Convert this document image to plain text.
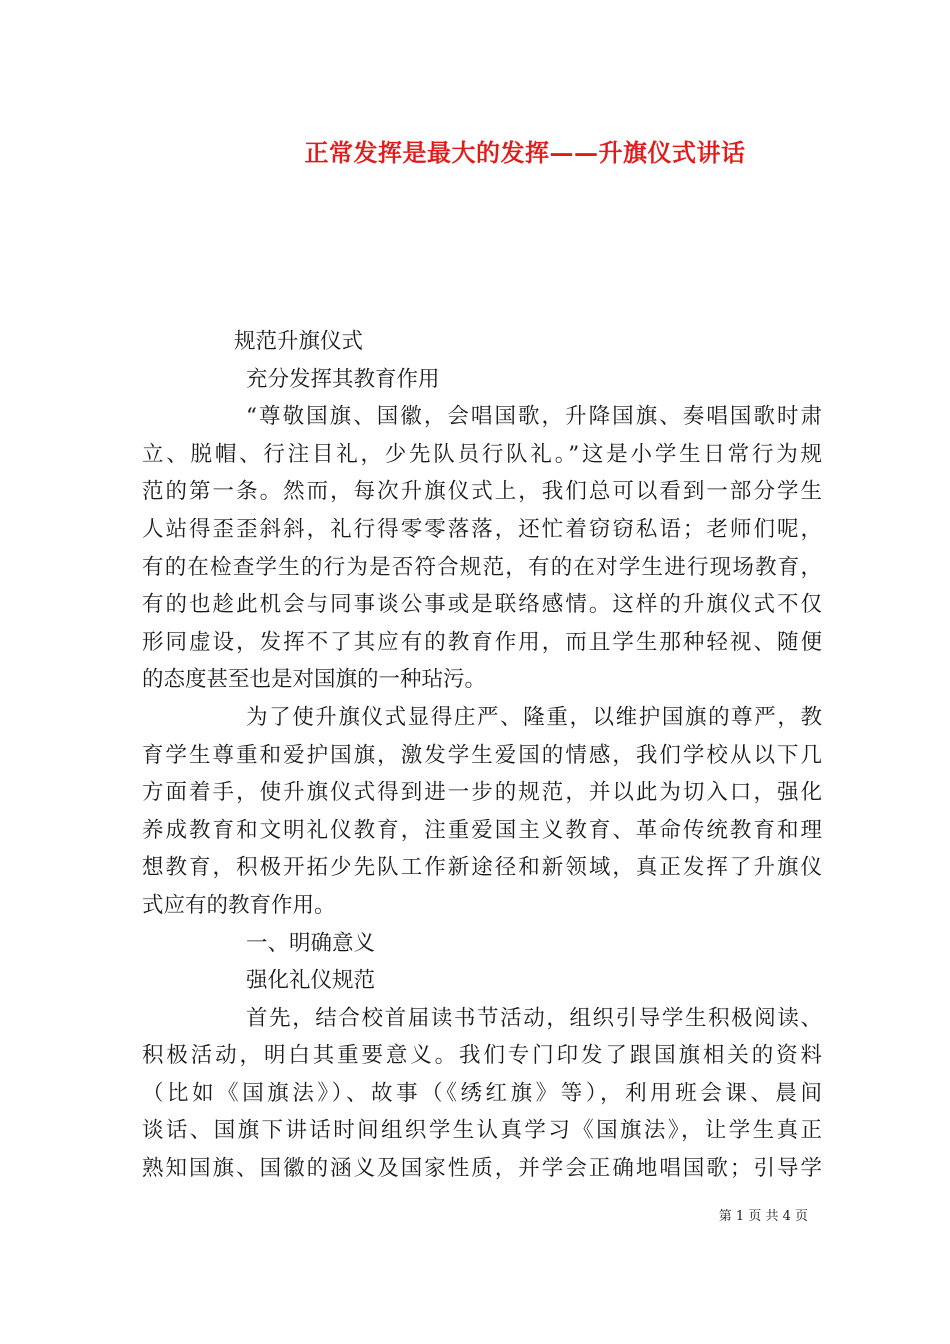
正常发挥是最大的发挥——升旗仪式讲话
规范升旗仪式
充分发挥其教育作用
“尊敬国旗、国徽，会唱国歌，升降国旗、奏唱国歌时肃
立、脱帽、行注目礼，少先队员行队礼。”这是小学生日常行为规
范的第一条。然而，每次升旗仪式上，我们总可以看到一部分学生
人站得歪歪斜斜，礼行得零零落落，还忙着窃窃私语；老师们呢，
有的在检查学生的行为是否符合规范，有的在对学生进行现场教育，
有的也趁此机会与同事谈公事或是联络感情。这样的升旗仪式不仅
形同虚设，发挥不了其应有的教育作用，而且学生那种轻视、随便
的态度甚至也是对国旗的一种玷污。
为了使升旗仪式显得庄严、隆重，以维护国旗的尊严，教
育学生尊重和爱护国旗，激发学生爱国的情感，我们学校从以下几
方面着手，使升旗仪式得到进一步的规范，并以此为切入口，强化
养成教育和文明礼仪教育，注重爱国主义教育、革命传统教育和理
想教育，积极开拓少先队工作新途径和新领域，真正发挥了升旗仪
式应有的教育作用。
一、明确意义
强化礼仪规范
首先，结合校首届读书节活动，组织引导学生积极阅读、
积极活动，明白其重要意义。我们专门印发了跟国旗相关的资料
（比如《国旗法》）、故事（《绣红旗》等），利用班会课、晨间
谈话、国旗下讲话时间组织学生认真学习《国旗法》，让学生真正
熟知国旗、国徽的涵义及国家性质，并学会正确地唱国歌；引导学
第 1 页 共 4 页
